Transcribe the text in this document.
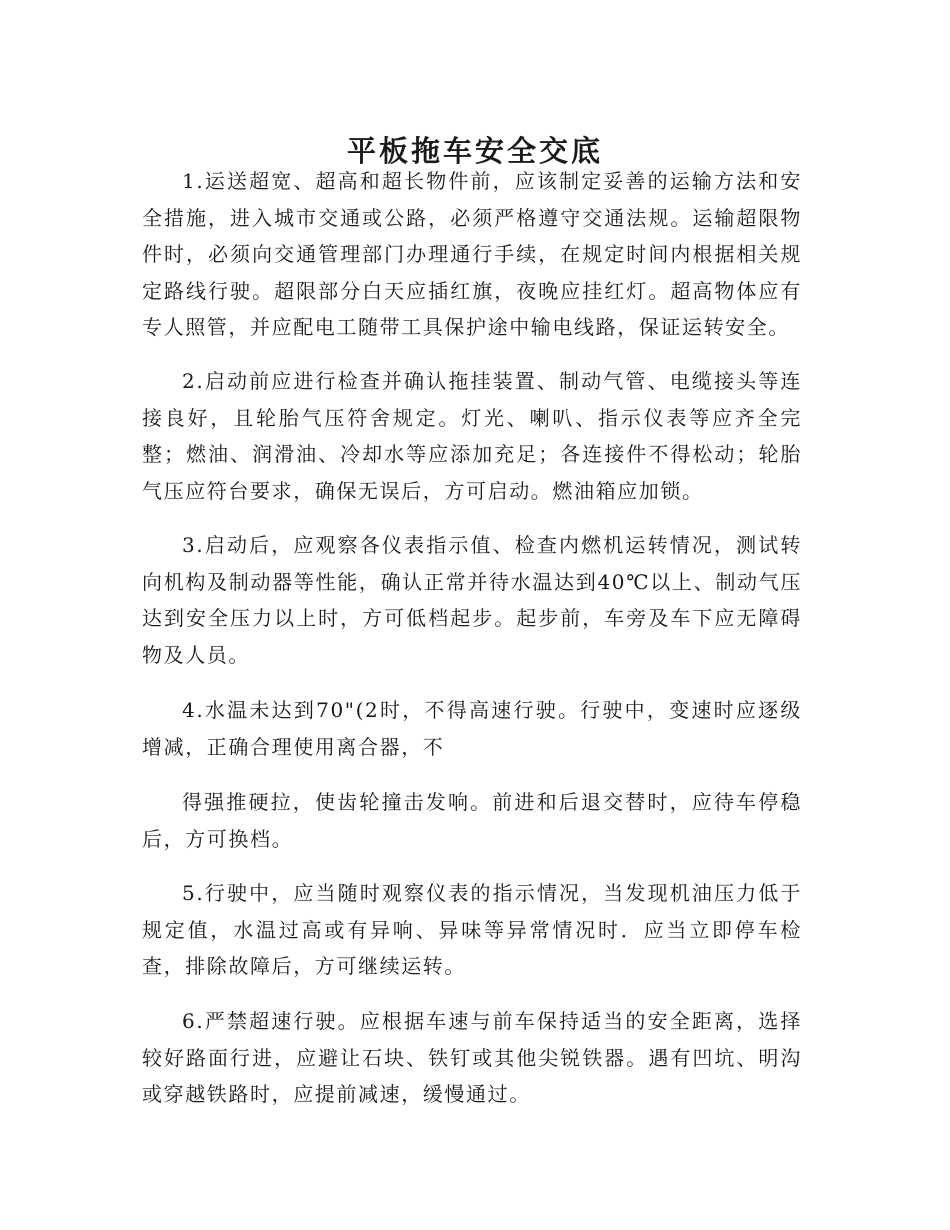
平板拖车安全交底

1.运送超宽、超高和超长物件前，应该制定妥善的运输方法和安全措施，进入城市交通或公路，必须严格遵守交通法规。运输超限物件时，必须向交通管理部门办理通行手续，在规定时间内根据相关规定路线行驶。超限部分白天应插红旗，夜晚应挂红灯。超高物体应有专人照管，并应配电工随带工具保护途中输电线路，保证运转安全。

2.启动前应进行检查并确认拖挂装置、制动气管、电缆接头等连接良好，且轮胎气压符舍规定。灯光、喇叭、指示仪表等应齐全完整；燃油、润滑油、冷却水等应添加充足；各连接件不得松动；轮胎气压应符台要求，确保无误后，方可启动。燃油箱应加锁。

3.启动后，应观察各仪表指示值、检查内燃机运转情况，测试转向机构及制动器等性能，确认正常并待水温达到40℃以上、制动气压达到安全压力以上时，方可低档起步。起步前，车旁及车下应无障碍物及人员。

4.水温未达到70"(2时，不得高速行驶。行驶中，变速时应逐级增减，正确合理使用离合器，不

得强推硬拉，使齿轮撞击发响。前进和后退交替时，应待车停稳后，方可换档。

5.行驶中，应当随时观察仪表的指示情况，当发现机油压力低于规定值，水温过高或有异响、异味等异常情况时．应当立即停车检查，排除故障后，方可继续运转。

6.严禁超速行驶。应根据车速与前车保持适当的安全距离，选择较好路面行进，应避让石块、铁钉或其他尖锐铁器。遇有凹坑、明沟或穿越铁路时，应提前减速，缓慢通过。
